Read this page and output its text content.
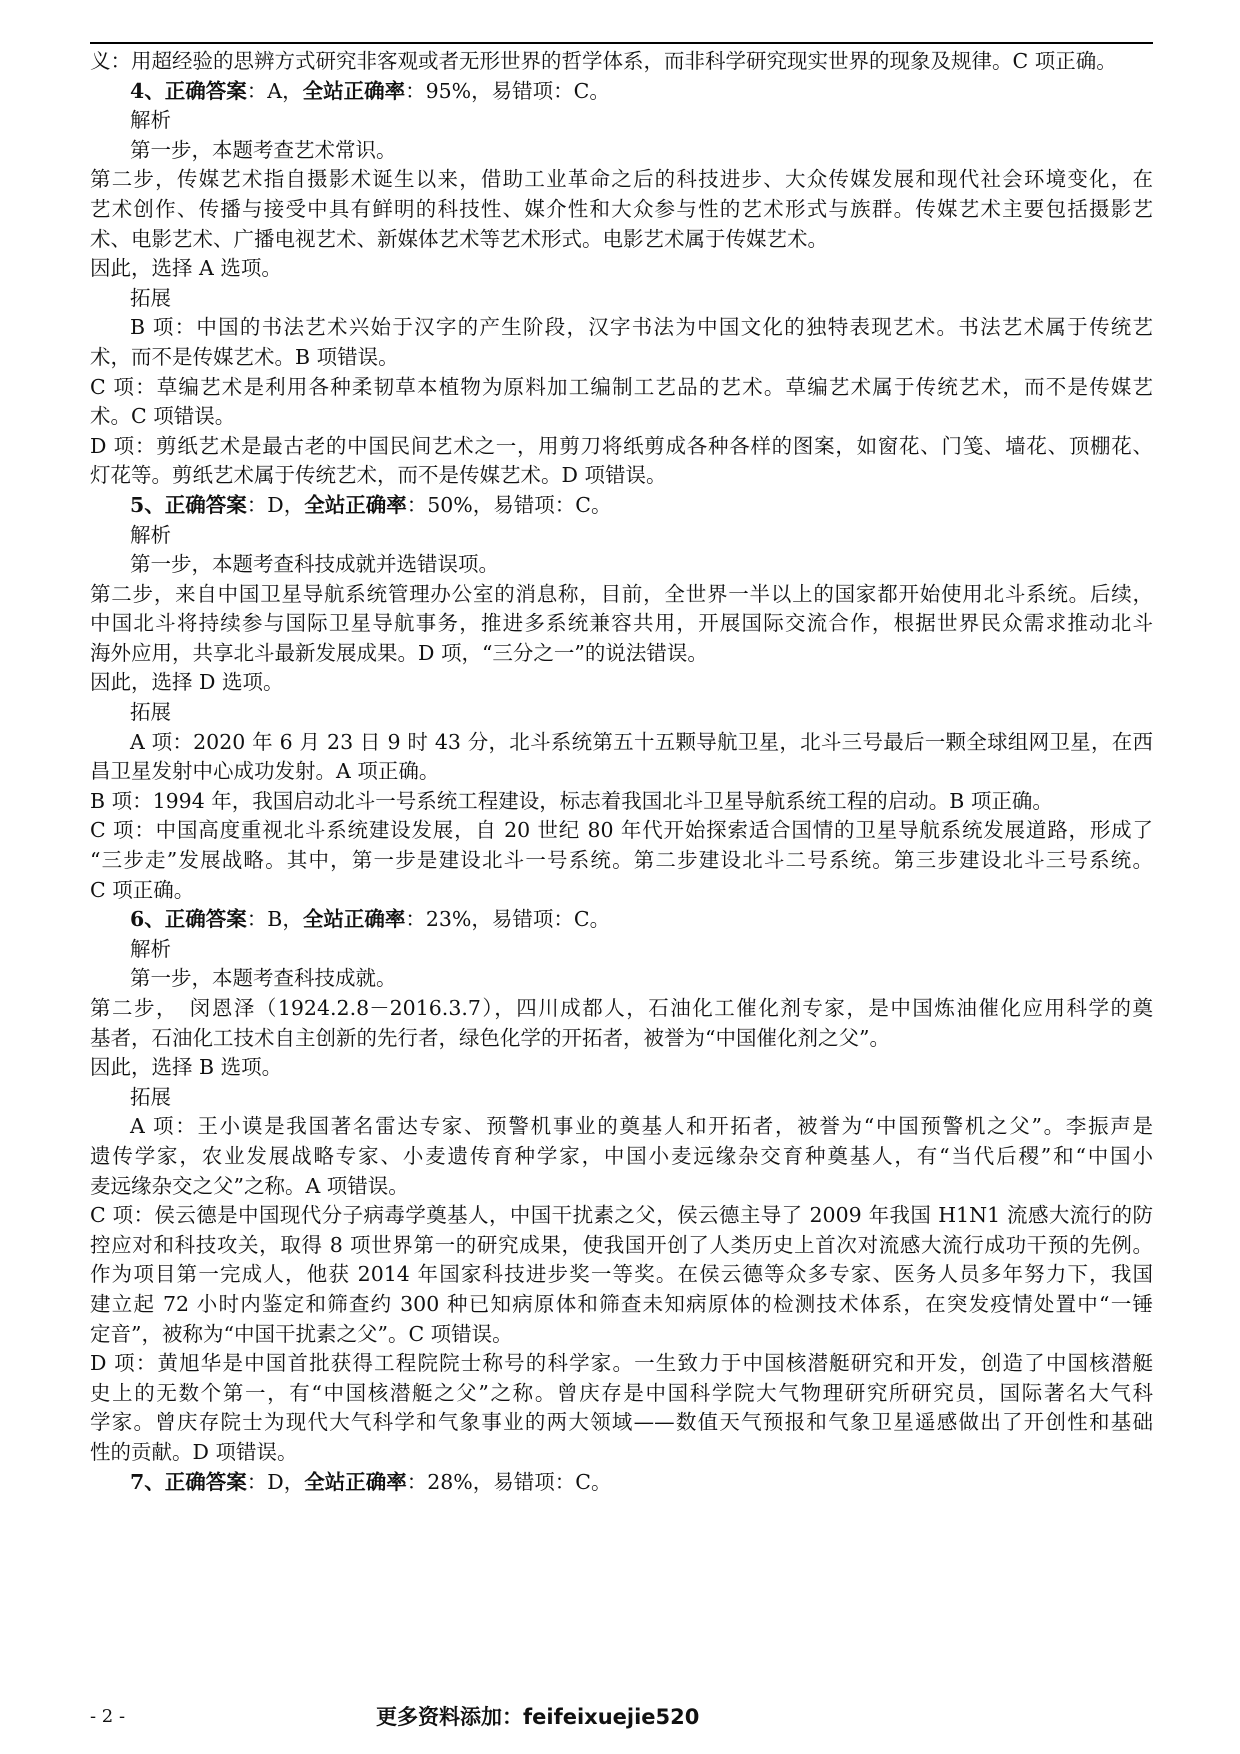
义：用超经验的思辨方式研究非客观或者无形世界的哲学体系，而非科学研究现实世界的现象及规律。C 项正确。

4、正确答案：A，全站正确率：95%，易错项：C。

解析

第一步，本题考查艺术常识。

第二步，传媒艺术指自摄影术诞生以来，借助工业革命之后的科技进步、大众传媒发展和现代社会环境变化，在

艺术创作、传播与接受中具有鲜明的科技性、媒介性和大众参与性的艺术形式与族群。传媒艺术主要包括摄影艺

术、电影艺术、广播电视艺术、新媒体艺术等艺术形式。电影艺术属于传媒艺术。

因此，选择 A 选项。

拓展

B 项：中国的书法艺术兴始于汉字的产生阶段，汉字书法为中国文化的独特表现艺术。书法艺术属于传统艺

术，而不是传媒艺术。B 项错误。

C 项：草编艺术是利用各种柔韧草本植物为原料加工编制工艺品的艺术。草编艺术属于传统艺术，而不是传媒艺

术。C 项错误。

D 项：剪纸艺术是最古老的中国民间艺术之一，用剪刀将纸剪成各种各样的图案，如窗花、门笺、墙花、顶棚花、

灯花等。剪纸艺术属于传统艺术，而不是传媒艺术。D 项错误。

5、正确答案：D，全站正确率：50%，易错项：C。

解析

第一步，本题考查科技成就并选错误项。

第二步，来自中国卫星导航系统管理办公室的消息称，目前，全世界一半以上的国家都开始使用北斗系统。后续，

中国北斗将持续参与国际卫星导航事务，推进多系统兼容共用，开展国际交流合作，根据世界民众需求推动北斗

海外应用，共享北斗最新发展成果。D 项，“三分之一”的说法错误。

因此，选择 D 选项。

拓展

A 项：2020 年 6 月 23 日 9 时 43 分，北斗系统第五十五颗导航卫星，北斗三号最后一颗全球组网卫星，在西

昌卫星发射中心成功发射。A 项正确。

B 项：1994 年，我国启动北斗一号系统工程建设，标志着我国北斗卫星导航系统工程的启动。B 项正确。

C 项：中国高度重视北斗系统建设发展，自 20 世纪 80 年代开始探索适合国情的卫星导航系统发展道路，形成了

“三步走”发展战略。其中，第一步是建设北斗一号系统。第二步建设北斗二号系统。第三步建设北斗三号系统。

C 项正确。

6、正确答案：B，全站正确率：23%，易错项：C。

解析

第一步，本题考查科技成就。

第二步，　闵恩泽（1924.2.8－2016.3.7），四川成都人，石油化工催化剂专家，是中国炼油催化应用科学的奠

基者，石油化工技术自主创新的先行者，绿色化学的开拓者，被誉为“中国催化剂之父”。

因此，选择 B 选项。

拓展

A 项：王小谟是我国著名雷达专家、预警机事业的奠基人和开拓者，被誉为“中国预警机之父”。李振声是

遗传学家，农业发展战略专家、小麦遗传育种学家，中国小麦远缘杂交育种奠基人，有“当代后稷”和“中国小

麦远缘杂交之父”之称。A 项错误。

C 项：侯云德是中国现代分子病毒学奠基人，中国干扰素之父，侯云德主导了 2009 年我国 H1N1 流感大流行的防

控应对和科技攻关，取得 8 项世界第一的研究成果，使我国开创了人类历史上首次对流感大流行成功干预的先例。

作为项目第一完成人，他获 2014 年国家科技进步奖一等奖。在侯云德等众多专家、医务人员多年努力下，我国

建立起 72 小时内鉴定和筛查约 300 种已知病原体和筛查未知病原体的检测技术体系，在突发疫情处置中“一锤

定音”，被称为“中国干扰素之父”。C 项错误。

D 项：黄旭华是中国首批获得工程院院士称号的科学家。一生致力于中国核潜艇研究和开发，创造了中国核潜艇

史上的无数个第一，有“中国核潜艇之父”之称。曾庆存是中国科学院大气物理研究所研究员，国际著名大气科

学家。曾庆存院士为现代大气科学和气象事业的两大领域——数值天气预报和气象卫星遥感做出了开创性和基础

性的贡献。D 项错误。

7、正确答案：D，全站正确率：28%，易错项：C。

- 2 -	更多资料添加：feifeixuejie520
